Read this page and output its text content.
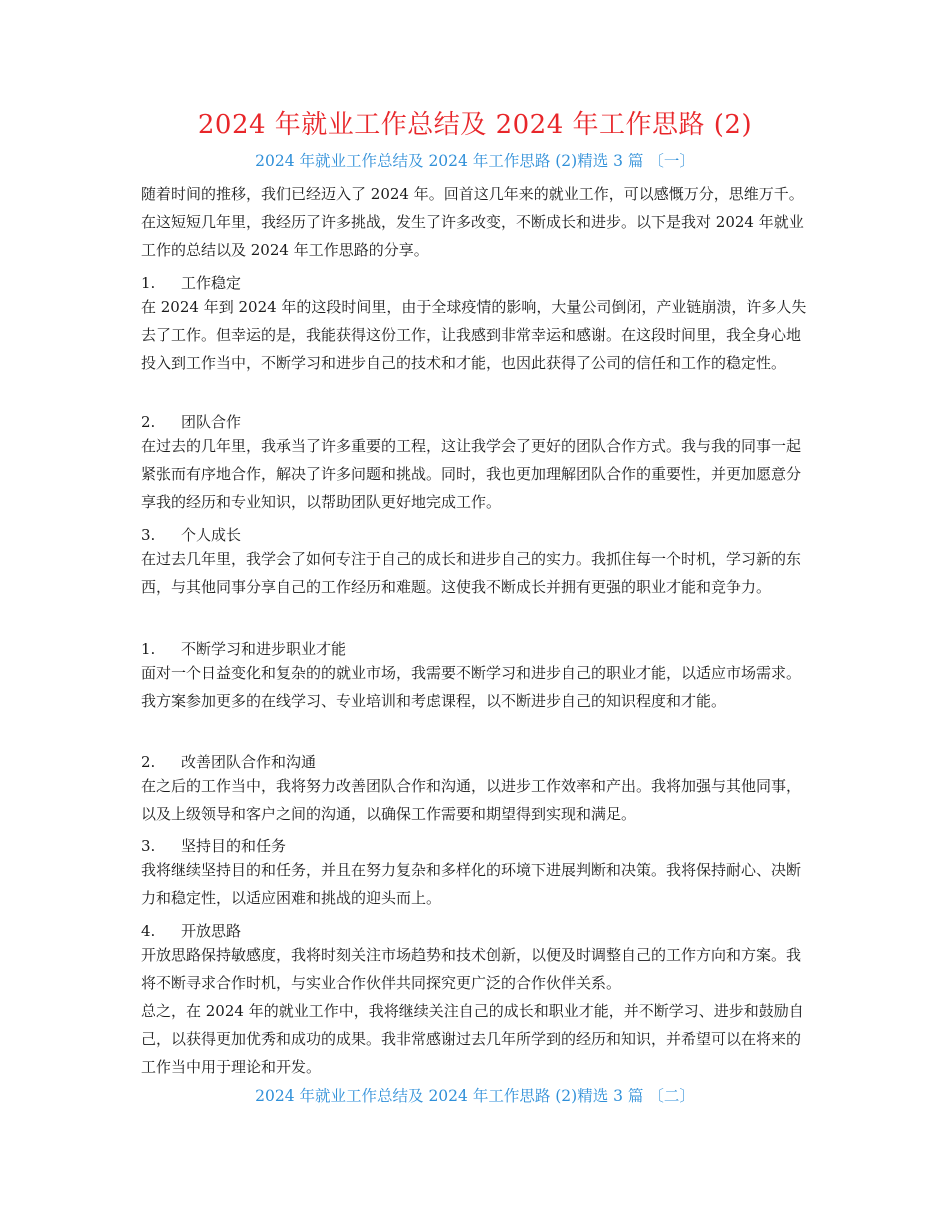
2024 年就业工作总结及 2024 年工作思路 (2)
2024 年就业工作总结及 2024 年工作思路 (2)精选 3 篇 〔一〕

随着时间的推移，我们已经迈入了 2024 年。回首这几年来的就业工作，可以感慨万分，思维万千。在这短短几年里，我经历了许多挑战，发生了许多改变，不断成长和进步。以下是我对 2024 年就业工作的总结以及 2024 年工作思路的分享。

1. 工作稳定

在 2024 年到 2024 年的这段时间里，由于全球疫情的影响，大量公司倒闭，产业链崩溃，许多人失去了工作。但幸运的是，我能获得这份工作，让我感到非常幸运和感谢。在这段时间里，我全身心地投入到工作当中，不断学习和进步自己的技术和才能，也因此获得了公司的信任和工作的稳定性。

2. 团队合作

在过去的几年里，我承当了许多重要的工程，这让我学会了更好的团队合作方式。我与我的同事一起紧张而有序地合作，解决了许多问题和挑战。同时，我也更加理解团队合作的重要性，并更加愿意分享我的经历和专业知识，以帮助团队更好地完成工作。

3. 个人成长

在过去几年里，我学会了如何专注于自己的成长和进步自己的实力。我抓住每一个时机，学习新的东西，与其他同事分享自己的工作经历和难题。这使我不断成长并拥有更强的职业才能和竞争力。

1. 不断学习和进步职业才能

面对一个日益变化和复杂的的就业市场，我需要不断学习和进步自己的职业才能，以适应市场需求。我方案参加更多的在线学习、专业培训和考虑课程，以不断进步自己的知识程度和才能。

2. 改善团队合作和沟通

在之后的工作当中，我将努力改善团队合作和沟通，以进步工作效率和产出。我将加强与其他同事，以及上级领导和客户之间的沟通，以确保工作需要和期望得到实现和满足。

3. 坚持目的和任务

我将继续坚持目的和任务，并且在努力复杂和多样化的环境下进展判断和决策。我将保持耐心、决断力和稳定性，以适应困难和挑战的迎头而上。

4. 开放思路

开放思路保持敏感度，我将时刻关注市场趋势和技术创新，以便及时调整自己的工作方向和方案。我将不断寻求合作时机，与实业合作伙伴共同探究更广泛的合作伙伴关系。

总之，在 2024 年的就业工作中，我将继续关注自己的成长和职业才能，并不断学习、进步和鼓励自己，以获得更加优秀和成功的成果。我非常感谢过去几年所学到的经历和知识，并希望可以在将来的工作当中用于理论和开发。

2024 年就业工作总结及 2024 年工作思路 (2)精选 3 篇 〔二〕
